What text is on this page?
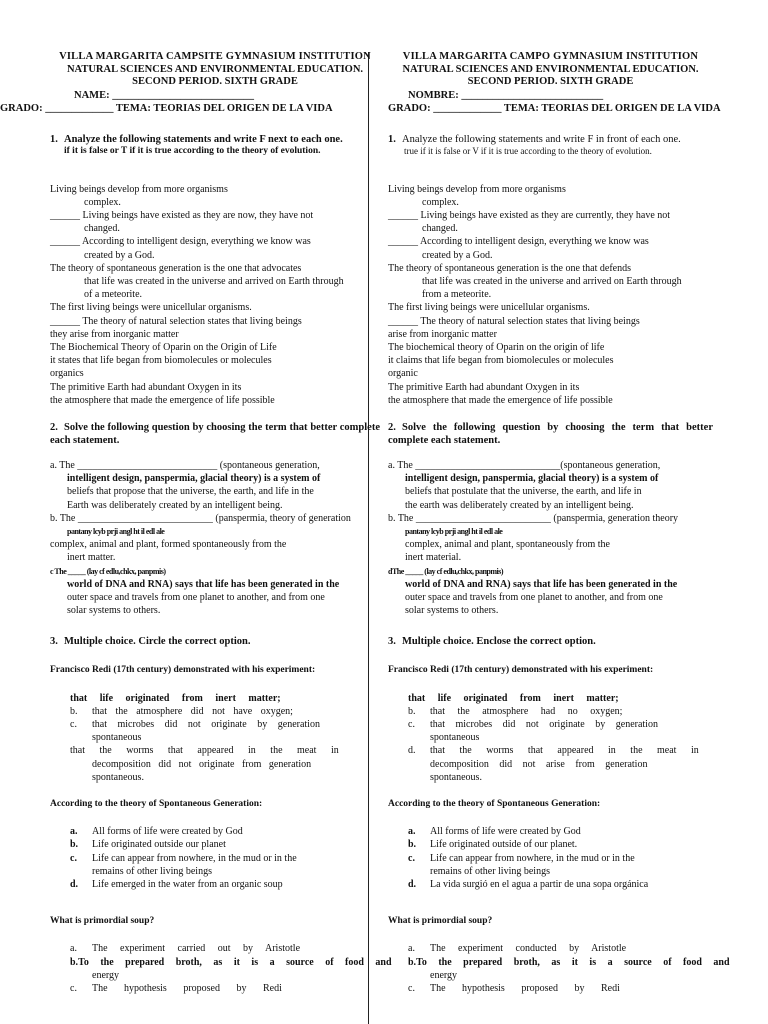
VILLA MARGARITA CAMPSITE GYMNASIUM INSTITUTION
NATURAL SCIENCES AND ENVIRONMENTAL EDUCATION.
SECOND PERIOD. SIXTH GRADE
NAME: ___________________________
GRADO: _____________ TEMA: TEORIAS DEL ORIGEN DE LA VIDA
1. Analyze the following statements and write F next to each one.
if it is false or T if it is true according to the theory of evolution.

Living beings develop from more organisms

complex.

______ Living beings have existed as they are now, they have not

changed.

______ According to intelligent design, everything we know was

created by a God.

The theory of spontaneous generation is the one that advocates

that life was created in the universe and arrived on Earth through

of a meteorite.

The first living beings were unicellular organisms.

______ The theory of natural selection states that living beings

they arise from inorganic matter

The Biochemical Theory of Oparin on the Origin of Life

it states that life began from biomolecules or molecules

organics

The primitive Earth had abundant Oxygen in its

the atmosphere that made the emergence of life possible

2. Solve the following question by choosing the term that better complete each statement.

a. The ____________________________ (spontaneous generation,

intelligent design, panspermia, glacial theory) is a system of

beliefs that propose that the universe, the earth, and life in the

Earth was deliberately created by an intelligent being.

b. The ___________________________ (panspermia, theory of generation

pantany lcyb prji angl ht il edl ale

complex, animal and plant, formed spontaneously from the

inert matter.

c The _____ (lay cf edlu,chkx, panpmis)

world of DNA and RNA) says that life has been generated in the

outer space and travels from one planet to another, and from one

solar systems to others.

3. Multiple choice. Circle the correct option.
Francisco Redi (17th century) demonstrated with his experiment:

that life originated from inert matter;

b.	that the atmosphere did not have oxygen;
c.	that microbes did not originate by generation

spontaneous

that the worms that appeared in the meat in

decomposition did not originate from generation

spontaneous.

According to the theory of Spontaneous Generation:
a.	All forms of life were created by God
b.	Life originated outside our planet
c.	Life can appear from nowhere, in the mud or in the
remains of other living beings
d.	Life emerged in the water from an organic soup
What is primordial soup?
a.	The experiment carried out by Aristotle
b. To the prepared broth, as it is a source of food and
energy
c.	The hypothesis proposed by Redi
VILLA MARGARITA CAMPO GYMNASIUM INSTITUTION
NATURAL SCIENCES AND ENVIRONMENTAL EDUCATION.
SECOND PERIOD. SIXTH GRADE
NOMBRE: ___________________________
GRADO: _____________ TEMA: TEORIAS DEL ORIGEN DE LA VIDA
1. Analyze the following statements and write F in front of each one.
true if it is false or V if it is true according to the theory of evolution.

Living beings develop from more organisms

complex.

______ Living beings have existed as they are currently, they have not

changed.

______ According to intelligent design, everything we know was

created by a God.

The theory of spontaneous generation is the one that defends

that life was created in the universe and arrived on Earth through

from a meteorite.

The first living beings were unicellular organisms.

______ The theory of natural selection states that living beings

arise from inorganic matter

The biochemical theory of Oparin on the origin of life

it claims that life began from biomolecules or molecules

organic

The primitive Earth had abundant Oxygen in its

the atmosphere that made the emergence of life possible

2. Solve the following question by choosing the term that better complete each statement.

a. The _____________________________(spontaneous generation,

intelligent design, panspermia, glacial theory) is a system of

beliefs that postulate that the universe, the earth, and life in

the earth was deliberately created by an intelligent being.

b. The ___________________________ (panspermia, generation theory

pantany lcyb prji angl ht il edl ale

complex, animal and plant, spontaneously from the

inert material.

dThe _____ (lay cf edlu,chkx, panpmis)

world of DNA and RNA) says that life has been generated in the

outer space and travels from one planet to another, and from one

solar systems to others.

3. Multiple choice. Enclose the correct option.
Francisco Redi (17th century) demonstrated with his experiment:

that life originated from inert matter;

b.	that the atmosphere had no oxygen;
c.	that microbes did not originate by generation

spontaneous

d.	that the worms that appeared in the meat in

decomposition did not arise from generation

spontaneous.

According to the theory of Spontaneous Generation:
a.	All forms of life were created by God
b.	Life originated outside of our planet.
c.	Life can appear from nowhere, in the mud or in the
remains of other living beings
d.	La vida surgió en el agua a partir de una sopa orgánica
What is primordial soup?
a.	The experiment conducted by Aristotle
b. To the prepared broth, as it is a source of food and
energy
c.	The hypothesis proposed by Redi
